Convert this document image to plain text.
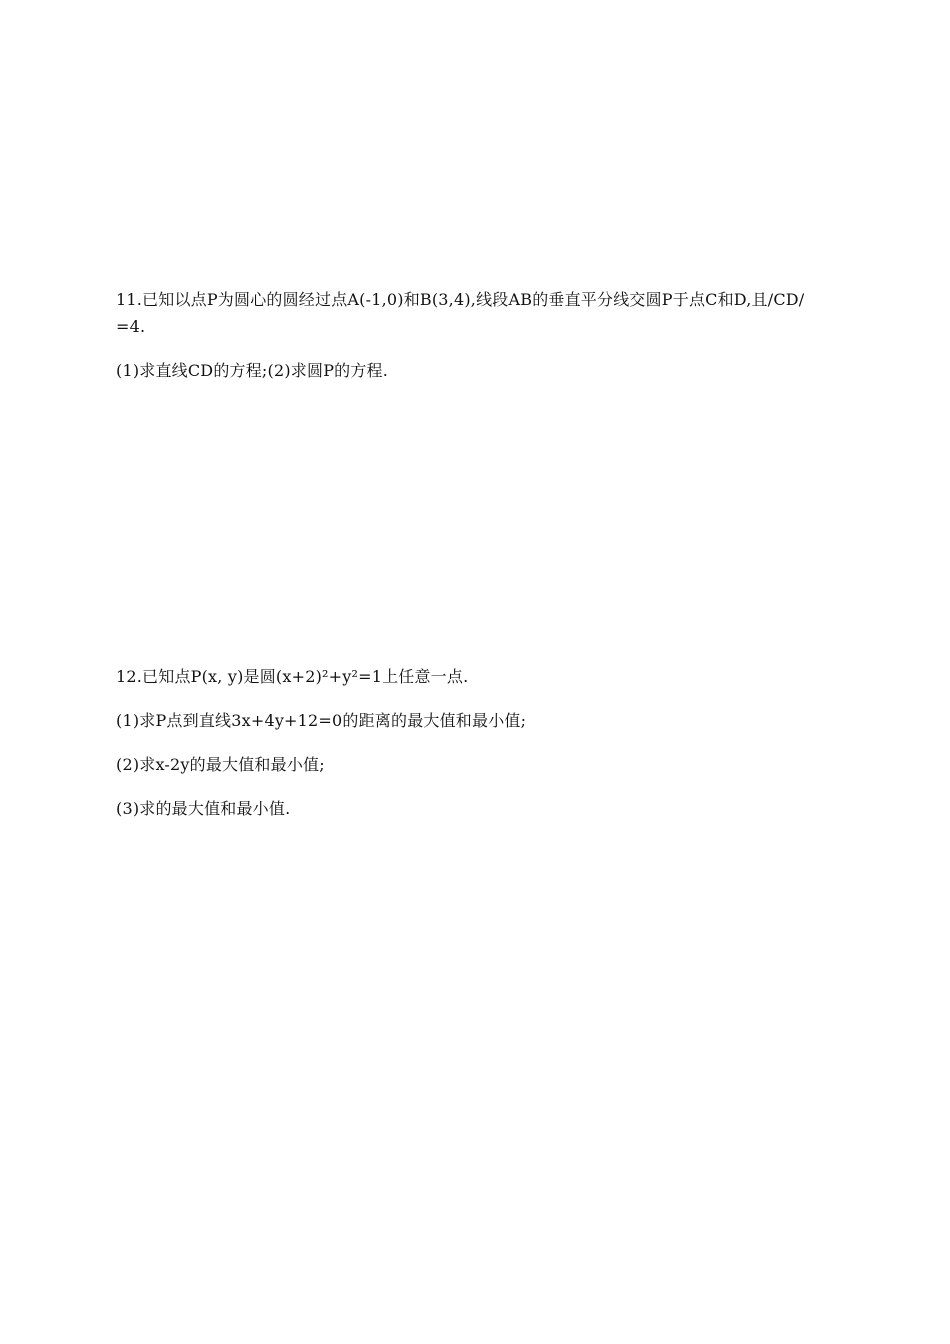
11.已知以点P为圆心的圆经过点A(-1,0)和B(3,4),线段AB的垂直平分线交圆P于点C和D,且/CD/
=4.
(1)求直线CD的方程;(2)求圆P的方程.
12.已知点P(x, y)是圆(x+2)²+y²=1上任意一点.
(1)求P点到直线3x+4y+12=0的距离的最大值和最小值;
(2)求x-2y的最大值和最小值;
(3)求的最大值和最小值.
